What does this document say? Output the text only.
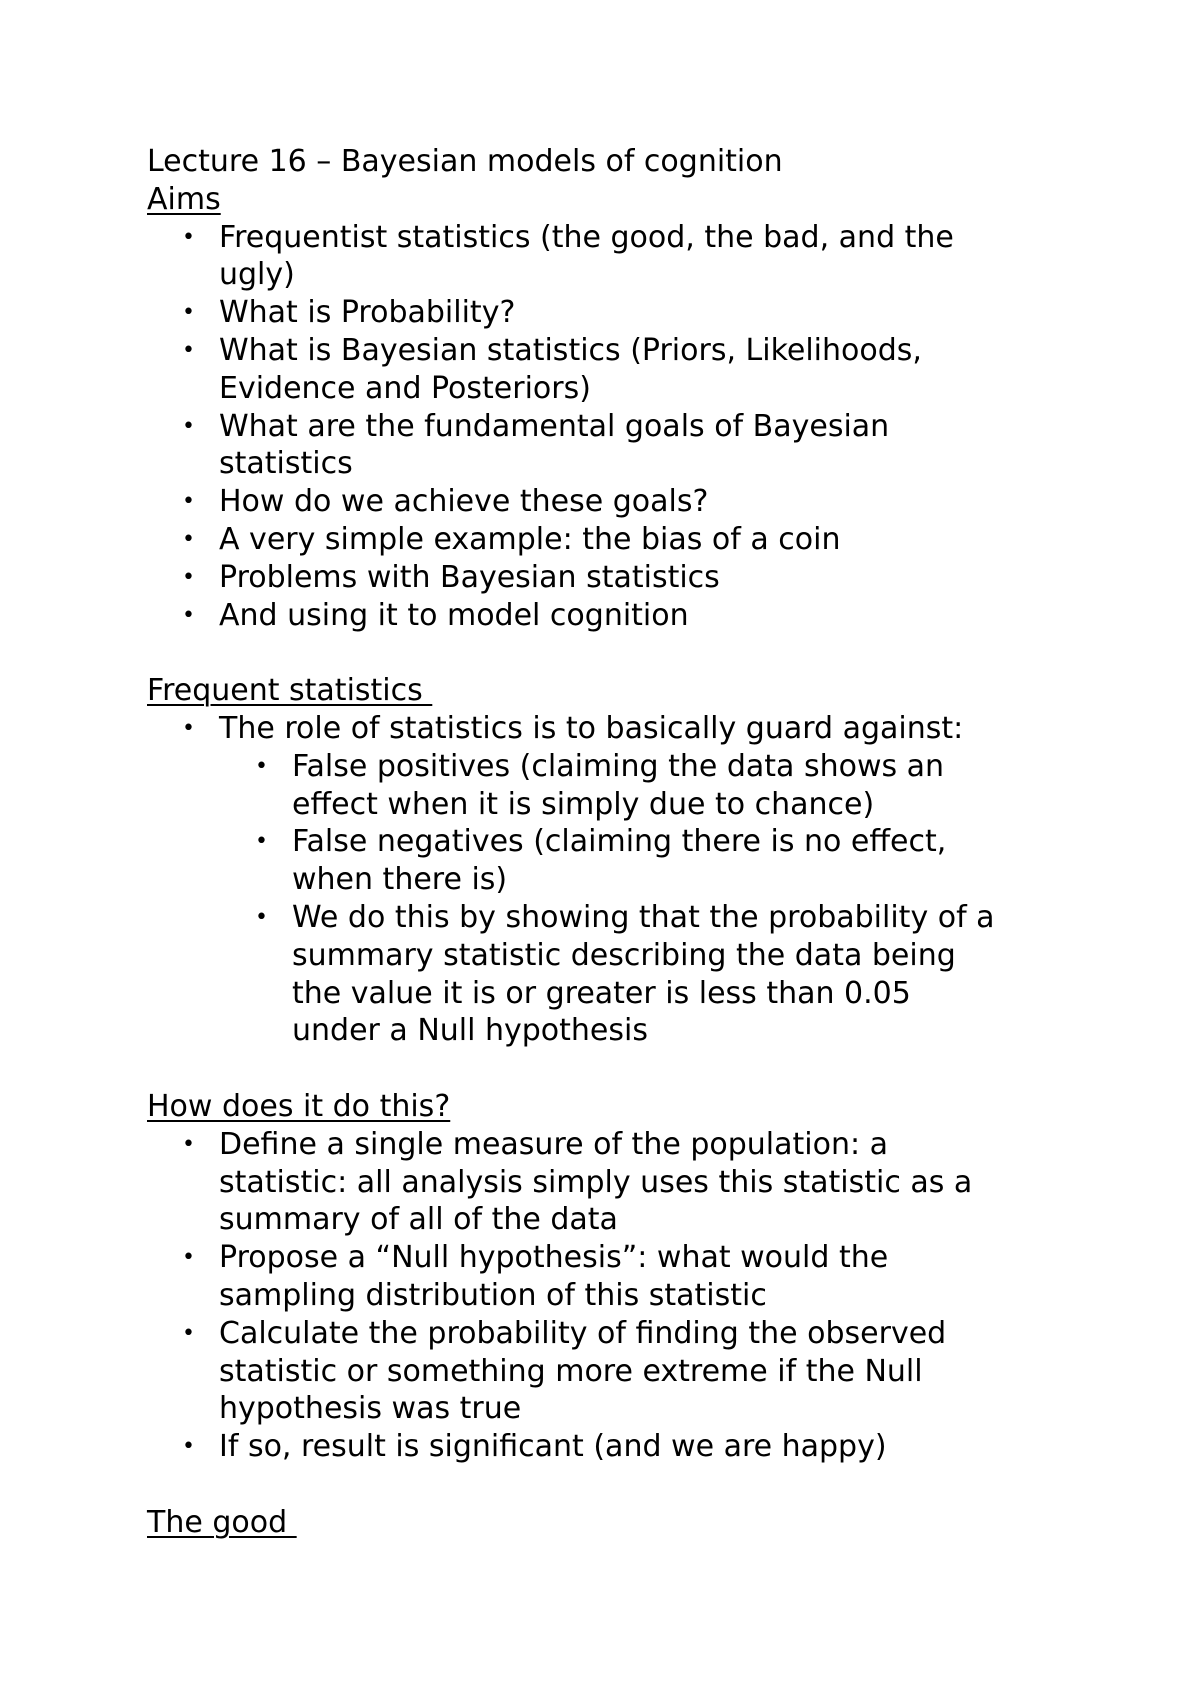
Lecture 16 – Bayesian models of cognition
Aims
• Frequentist statistics (the good, the bad, and the
ugly)
• What is Probability?
• What is Bayesian statistics (Priors, Likelihoods,
Evidence and Posteriors)
• What are the fundamental goals of Bayesian
statistics
• How do we achieve these goals?
• A very simple example: the bias of a coin
• Problems with Bayesian statistics
• And using it to model cognition
Frequent statistics
• The role of statistics is to basically guard against:
• False positives (claiming the data shows an
effect when it is simply due to chance)
• False negatives (claiming there is no effect,
when there is)
• We do this by showing that the probability of a
summary statistic describing the data being
the value it is or greater is less than 0.05
under a Null hypothesis
How does it do this?
• Define a single measure of the population: a
statistic: all analysis simply uses this statistic as a
summary of all of the data
• Propose a “Null hypothesis”: what would the
sampling distribution of this statistic
• Calculate the probability of finding the observed
statistic or something more extreme if the Null
hypothesis was true
• If so, result is significant (and we are happy)
The good
